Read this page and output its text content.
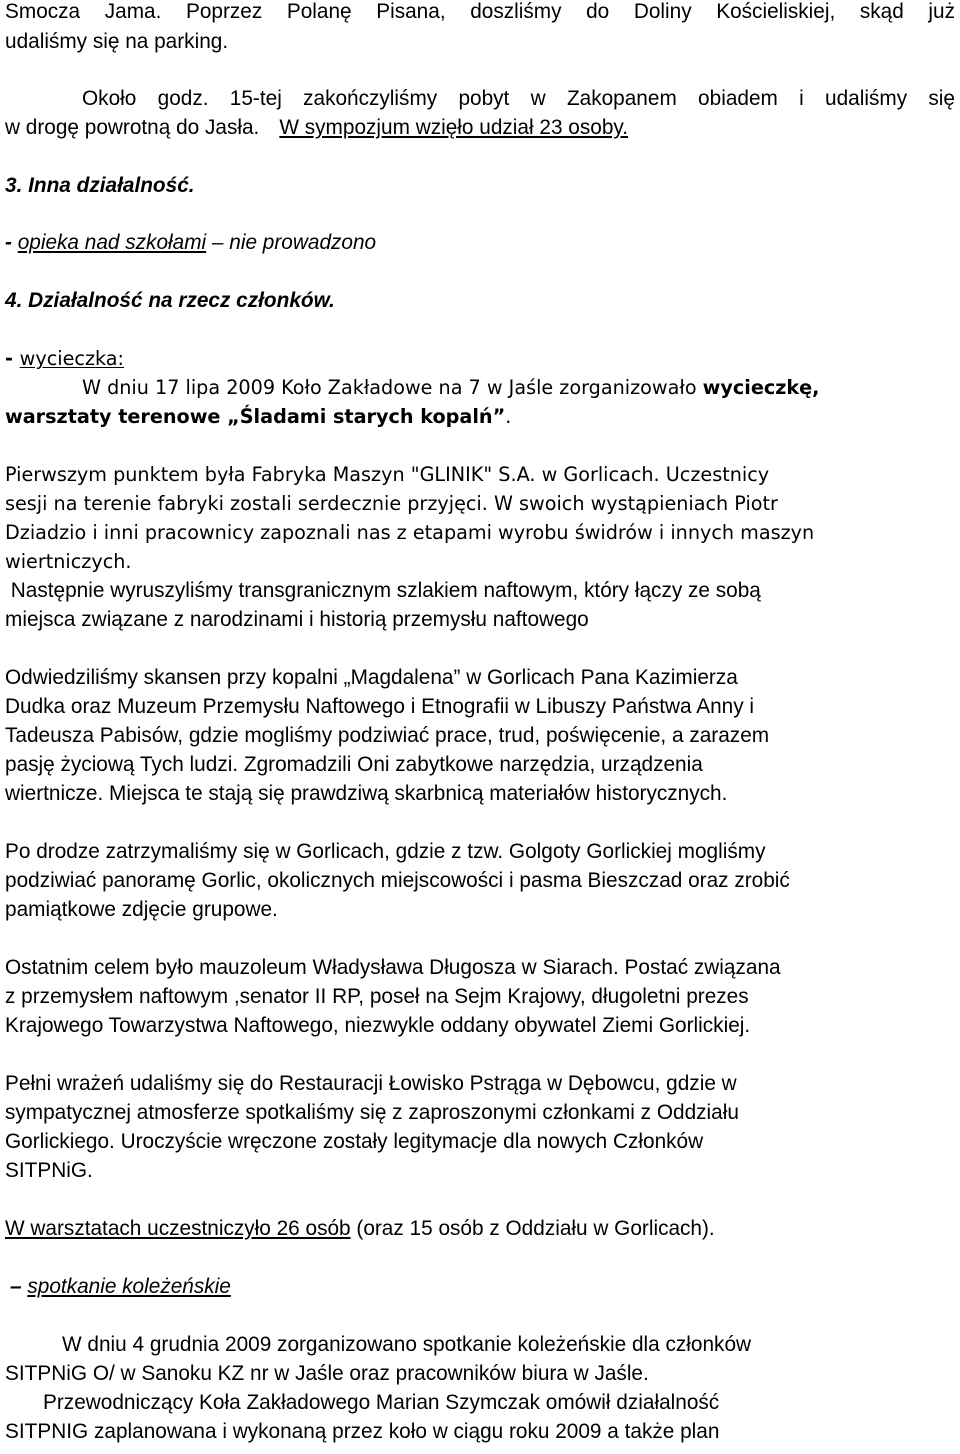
Smocza Jama. Poprzez Polanę Pisana, doszliśmy do Doliny Kościeliskiej, skąd już
udaliśmy się na parking.
Około godz. 15-tej zakończyliśmy pobyt w Zakopanem obiadem i udaliśmy się
w drogę powrotną do Jasła. W sympozjum wzięło udział 23 osoby.
3. Inna działalność.
- opieka nad szkołami – nie prowadzono
4. Działalność na rzecz członków.
- wycieczka:
W dniu 17 lipa 2009 Koło Zakładowe na 7 w Jaśle zorganizowało wycieczkę,
warsztaty terenowe „Śladami starych kopalń”.
Pierwszym punktem była Fabryka Maszyn "GLINIK" S.A. w Gorlicach. Uczestnicy
sesji na terenie fabryki zostali serdecznie przyjęci. W swoich wystąpieniach Piotr
Dziadzio i inni pracownicy zapoznali nas z etapami wyrobu świdrów i innych maszyn
wiertniczych.
Następnie wyruszyliśmy transgranicznym szlakiem naftowym, który łączy ze sobą
miejsca związane z narodzinami i historią przemysłu naftowego
Odwiedziliśmy skansen przy kopalni „Magdalena” w Gorlicach Pana Kazimierza
Dudka oraz Muzeum Przemysłu Naftowego i Etnografii w Libuszy Państwa Anny i
Tadeusza Pabisów, gdzie mogliśmy podziwiać prace, trud, poświęcenie, a zarazem
pasję życiową Tych ludzi. Zgromadzili Oni zabytkowe narzędzia, urządzenia
wiertnicze. Miejsca te stają się prawdziwą skarbnicą materiałów historycznych.
Po drodze zatrzymaliśmy się w Gorlicach, gdzie z tzw. Golgoty Gorlickiej mogliśmy
podziwiać panoramę Gorlic, okolicznych miejscowości i pasma Bieszczad oraz zrobić
pamiątkowe zdjęcie grupowe.
Ostatnim celem było mauzoleum Władysława Długosza w Siarach. Postać związana
z przemysłem naftowym ,senator II RP, poseł na Sejm Krajowy, długoletni prezes
Krajowego Towarzystwa Naftowego, niezwykle oddany obywatel Ziemi Gorlickiej.
Pełni wrażeń udaliśmy się do Restauracji Łowisko Pstrąga w Dębowcu, gdzie w
sympatycznej atmosferze spotkaliśmy się z zaproszonymi członkami z Oddziału
Gorlickiego. Uroczyście wręczone zostały legitymacje dla nowych Członków
SITPNiG.
W warsztatach uczestniczyło 26 osób (oraz 15 osób z Oddziału w Gorlicach).
– spotkanie koleżeńskie
W dniu 4 grudnia 2009 zorganizowano spotkanie koleżeńskie dla członków
SITPNiG O/ w Sanoku KZ nr w Jaśle oraz pracowników biura w Jaśle.
Przewodniczący Koła Zakładowego Marian Szymczak omówił działalność
SITPNIG zaplanowana i wykonaną przez koło w ciągu roku 2009 a także plan
